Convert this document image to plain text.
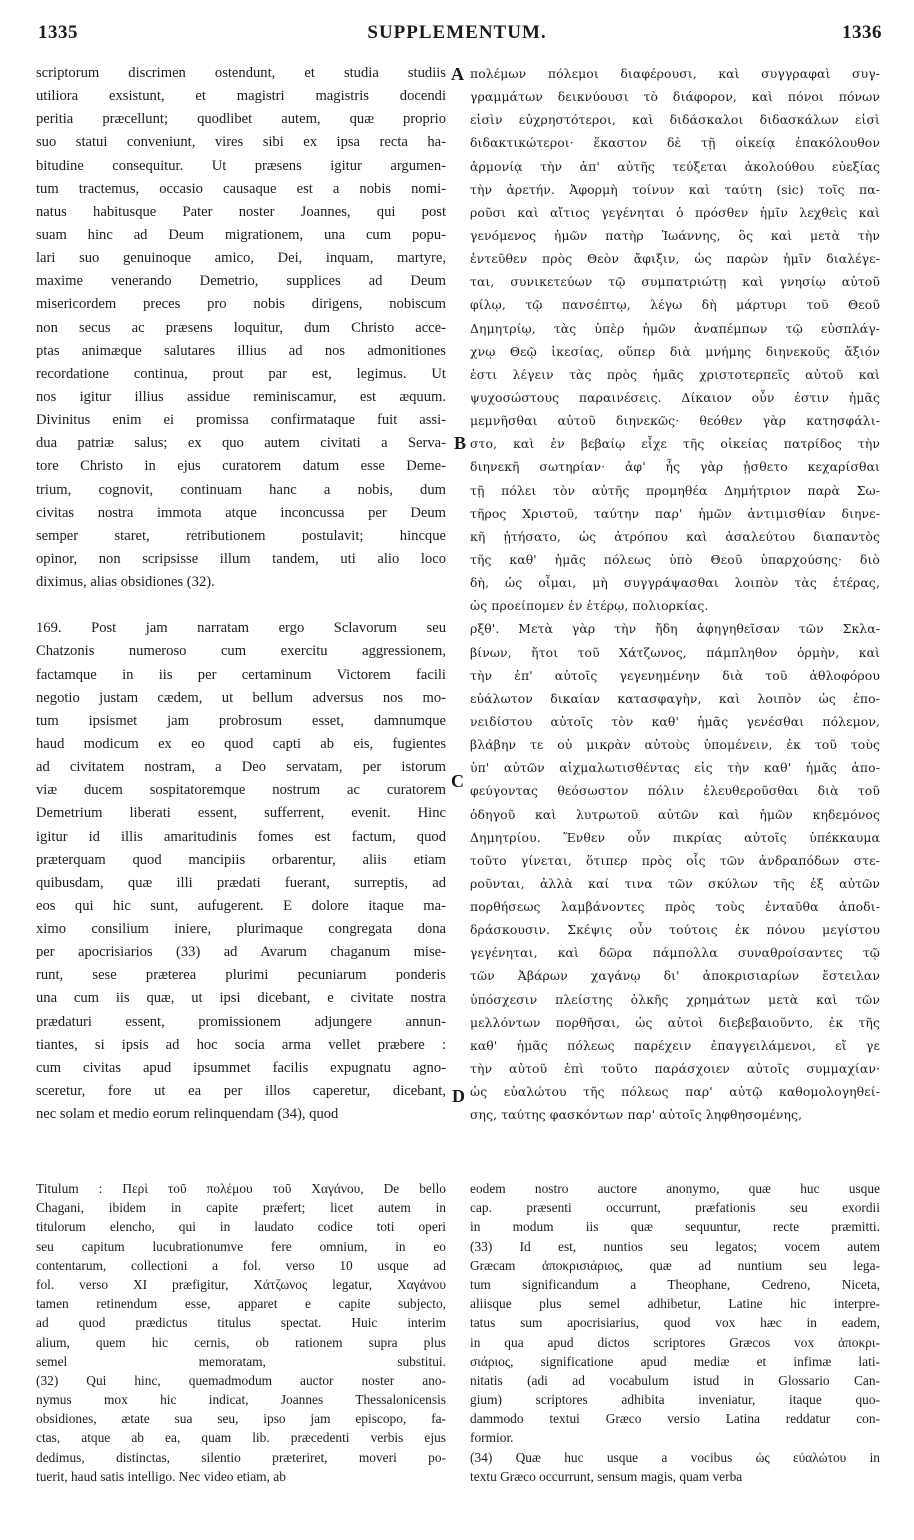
1335	SUPPLEMENTUM.	1336
A
B
C
D
scriptorum discrimen ostendunt, et studia studiis
utiliora exsistunt, et magistri magistris docendi
peritia præcellunt; quodlibet autem, quæ proprio
suo statui conveniunt, vires sibi ex ipsa recta ha-
bitudine consequitur. Ut præsens igitur argumen-
tum tractemus, occasio causaque est a nobis nomi-
natus habitusque Pater noster Joannes, qui post
suam hinc ad Deum migrationem, una cum popu-
lari suo genuinoque amico, Dei, inquam, martyre,
maxime venerando Demetrio, supplices ad Deum
misericordem preces pro nobis dirigens, nobiscum
non secus ac præsens loquitur, dum Christo acce-
ptas animæque salutares illius ad nos admonitiones
recordatione continua, prout par est, legimus. Ut
nos igitur illius assidue reminiscamur, est æquum.
Divinitus enim ei promissa confirmataque fuit assi-
dua patriæ salus; ex quo autem civitati a Serva-
tore Christo in ejus curatorem datum esse Deme-
trium, cognovit, continuam hanc a nobis, dum
civitas nostra immota atque inconcussa per Deum
semper staret, retributionem postulavit; hincque
opinor, non scripsisse illum tandem, uti alio loco
diximus, alias obsidiones (32).
169. Post jam narratam ergo Sclavorum seu
Chatzonis numeroso cum exercitu aggressionem,
factamque in iis per certaminum Victorem facili
negotio justam cædem, ut bellum adversus nos mo-
tum ipsismet jam probrosum esset, damnumque
haud modicum ex eo quod capti ab eis, fugientes
ad civitatem nostram, a Deo servatam, per istorum
viæ ducem sospitatoremque nostrum ac curatorem
Demetrium liberati essent, sufferrent, evenit. Hinc
igitur id illis amaritudinis fomes est factum, quod
præterquam quod mancipiis orbarentur, aliis etiam
quibusdam, quæ illi prædati fuerant, surreptis, ad
eos qui hic sunt, aufugerent. E dolore itaque ma-
ximo consilium iniere, plurimaque congregata dona
per apocrisiarios (33) ad Avarum chaganum mise-
runt, sese præterea plurimi pecuniarum ponderis
una cum iis quæ, ut ipsi dicebant, e civitate nostra
prædaturi essent, promissionem adjungere annun-
tiantes, si ipsis ad hoc socia arma vellet præbere :
cum civitas apud ipsummet facilis expugnatu agno-
sceretur, fore ut ea per illos caperetur, dicebant,
nec solam et medio eorum relinquendam (34), quod
πολέμων πόλεμοι διαφέρουσι, καὶ συγγραφαὶ συγ-
γραμμάτων δεικνύουσι τὸ διάφορον, καὶ πόνοι πόνων
εἰσὶν εὐχρηστότεροι, καὶ διδάσκαλοι διδασκάλων εἰσὶ
διδακτικώτεροι· ἕκαστον δὲ τῇ οἰκείᾳ ἐπακόλουθον
ἁρμονίᾳ τὴν ἀπ' αὐτῆς τεύξεται ἀκολούθου εὐεξίας
τὴν ἀρετήν. Ἀφορμὴ τοίνυν καὶ ταύτη (sic) τοῖς πα-
ροῦσι καὶ αἴτιος γεγένηται ὁ πρόσθεν ἡμῖν λεχθεὶς καὶ
γενόμενος ἡμῶν πατὴρ Ἰωάννης, ὃς καὶ μετὰ τὴν
ἐντεῦθεν πρὸς Θεὸν ἄφιξιν, ὡς παρὼν ἡμῖν διαλέγε-
ται, συνικετεύων τῷ συμπατριώτῃ καὶ γνησίῳ αὐτοῦ
φίλῳ, τῷ πανσέπτῳ, λέγω δὴ μάρτυρι τοῦ Θεοῦ
Δημητρίῳ, τὰς ὑπὲρ ἡμῶν ἀναπέμπων τῷ εὐσπλάγ-
χνῳ Θεῷ ἱκεσίας, οὕπερ διὰ μνήμης διηνεκοῦς ἄξιόν
ἐστι λέγειν τὰς πρὸς ἡμᾶς χριστοτερπεῖς αὐτοῦ καὶ
ψυχοσώστους παραινέσεις. Δίκαιον οὖν ἐστιν ἡμᾶς
μεμνῆσθαι αὐτοῦ διηνεκῶς· θεόθεν γὰρ κατησφάλι-
στο, καὶ ἐν βεβαίῳ εἶχε τῆς οἰκείας πατρίδος τὴν
διηνεκῆ σωτηρίαν· ἀφ' ἧς γὰρ ᾐσθετο κεχαρίσθαι
τῇ πόλει τὸν αὐτῆς προμηθέα Δημήτριον παρὰ Σω-
τῆρος Χριστοῦ, ταύτην παρ' ἡμῶν ἀντιμισθίαν διηνε-
κῆ ᾐτήσατο, ὡς ἀτρόπου καὶ ἀσαλεύτου διαπαντὸς
τῆς καθ' ἡμᾶς πόλεως ὑπὸ Θεοῦ ὑπαρχούσης· διὸ
δὴ, ὡς οἶμαι, μὴ συγγράψασθαι λοιπὸν τὰς ἑτέρας,
ὡς προείπομεν ἐν ἑτέρῳ, πολιορκίας.
ρξθ'. Μετὰ γὰρ τὴν ἤδη ἀφηγηθεῖσαν τῶν Σκλα-
βίνων, ἤτοι τοῦ Χάτζωνος, πάμπληθον ὁρμὴν, καὶ
τὴν ἐπ' αὐτοῖς γεγενημένην διὰ τοῦ ἀθλοφόρου
εὐάλωτον δικαίαν κατασφαγὴν, καὶ λοιπὸν ὡς ἐπο-
νειδίστου αὐτοῖς τὸν καθ' ἡμᾶς γενέσθαι πόλεμον,
βλάβην τε οὐ μικρὰν αὐτοὺς ὑπομένειν, ἐκ τοῦ τοὺς
ὑπ' αὐτῶν αἰχμαλωτισθέντας εἰς τὴν καθ' ἡμᾶς ἀπο-
φεύγοντας θεόσωστον πόλιν ἐλευθεροῦσθαι διὰ τοῦ
ὁδηγοῦ καὶ λυτρωτοῦ αὐτῶν καὶ ἡμῶν κηδεμόνος
Δημητρίου. Ἔνθεν οὖν πικρίας αὐτοῖς ὑπέκκαυμα
τοῦτο γίνεται, ὅτιπερ πρὸς οἷς τῶν ἀνδραπόδων στε-
ροῦνται, ἀλλὰ καί τινα τῶν σκύλων τῆς ἐξ αὐτῶν
πορθήσεως λαμβάνοντες πρὸς τοὺς ἐνταῦθα ἀποδι-
δράσκουσιν. Σκέψις οὖν τούτοις ἐκ πόνου μεγίστου
γεγένηται, καὶ δῶρα πάμπολλα συναθροίσαντες τῷ
τῶν Ἀβάρων χαγάνῳ δι' ἀποκρισιαρίων ἔστειλαν
ὑπόσχεσιν πλείστης ὁλκῆς χρημάτων μετὰ καὶ τῶν
μελλόντων πορθῆσαι, ὡς αὐτοὶ διεβεβαιοῦντο, ἐκ τῆς
καθ' ἡμᾶς πόλεως παρέχειν ἐπαγγειλάμενοι, εἴ γε
τὴν αὐτοῦ ἐπὶ τοῦτο παράσχοιεν αὐτοῖς συμμαχίαν·
ὡς εὐαλώτου τῆς πόλεως παρ' αὐτῷ καθομολογηθεί-
σης, ταύτης φασκόντων παρ' αὐτοῖς ληφθησομένης,
Titulum : Περὶ τοῦ πολέμου τοῦ Χαγάνου, De bello
Chagani, ibidem in capite præfert; licet autem in
titulorum elencho, qui in laudato codice toti operi
seu capitum lucubrationumve fere omnium, in eo
contentarum, collectioni a fol. verso 10 usque ad
fol. verso XI præfigitur, Χάτζωνος legatur, Χαγάνου
tamen retinendum esse, apparet e capite subjecto,
ad quod prædictus titulus spectat. Huic interim
alium, quem hic cernis, ob rationem supra plus
semel memoratam, substitui.
(32) Qui hinc, quemadmodum auctor noster ano-
nymus mox hic indicat, Joannes Thessalonicensis
obsidiones, ætate sua seu, ipso jam episcopo, fa-
ctas, atque ab ea, quam lib. præcedenti verbis ejus
dedimus, distinctas, silentio præteriret, moveri po-
tuerit, haud satis intelligo. Nec video etiam, ab
eodem nostro auctore anonymo, quæ huc usque
cap. præsenti occurrunt, præfationis seu exordii
in modum iis quæ sequuntur, recte præmitti.
(33) Id est, nuntios seu legatos; vocem autem
Græcam ἀποκρισιάριος, quæ ad nuntium seu lega-
tum significandum a Theophane, Cedreno, Niceta,
aliisque plus semel adhibetur, Latine hic interpre-
tatus sum apocrisiarius, quod vox hæc in eadem,
in qua apud dictos scriptores Græcos vox ἀποκρι-
σιάριος, significatione apud mediæ et infimæ lati-
nitatis (adi ad vocabulum istud in Glossario Can-
gium) scriptores adhibita inveniatur, itaque quo-
dammodo textui Græco versio Latina reddatur con-
formior.
(34) Quæ huc usque a vocibus ὡς εὐαλώτου in
textu Græco occurrunt, sensum magis, quam verba
